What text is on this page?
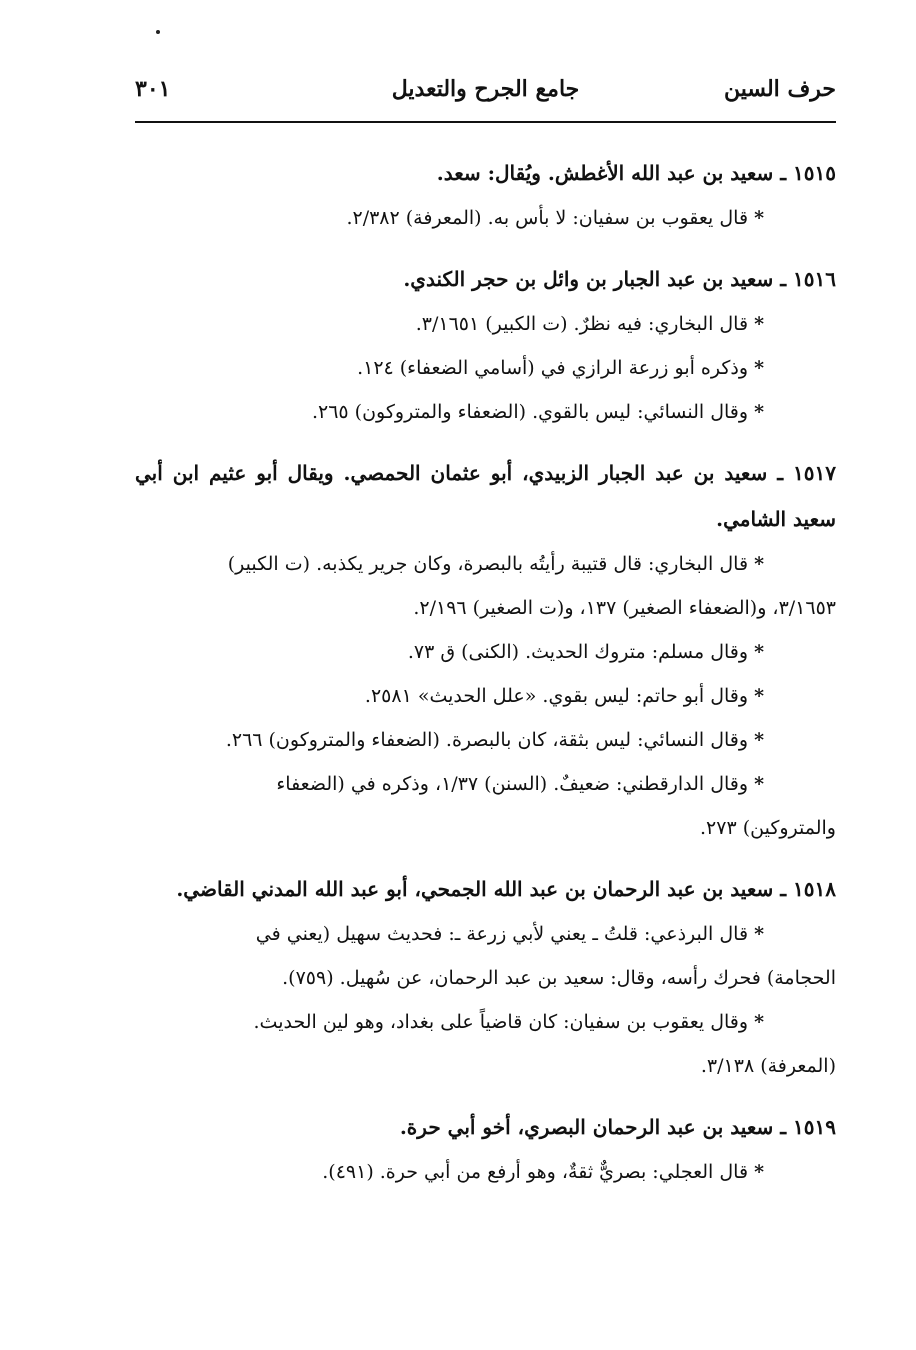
حرف السين
جامع الجرح والتعديل
٣٠١
١٥١٥ ـ سعيد بن عبد الله الأغطش. ويُقال: سعد.
*قال يعقوب بن سفيان: لا بأس به. (المعرفة) ٢/٣٨٢.
١٥١٦ ـ سعيد بن عبد الجبار بن وائل بن حجر الكندي.
*قال البخاري: فيه نظرٌ. (ت الكبير) ٣/١٦٥١.
*وذكره أبو زرعة الرازي في (أسامي الضعفاء) ١٢٤.
*وقال النسائي: ليس بالقوي. (الضعفاء والمتروكون) ٢٦٥.
١٥١٧ ـ سعيد بن عبد الجبار الزبيدي، أبو عثمان الحمصي. ويقال أبو عثيم ابن أبي سعيد الشامي.
*قال البخاري: قال قتيبة رأيتُه بالبصرة، وكان جرير يكذبه. (ت الكبير)
٣/١٦٥٣، و(الضعفاء الصغير) ١٣٧، و(ت الصغير) ٢/١٩٦.
*وقال مسلم: متروك الحديث. (الكنى) ق ٧٣.
*وقال أبو حاتم: ليس بقوي. «علل الحديث» ٢٥٨١.
*وقال النسائي: ليس بثقة، كان بالبصرة. (الضعفاء والمتروكون) ٢٦٦.
*وقال الدارقطني: ضعيفٌ. (السنن) ١/٣٧، وذكره في (الضعفاء
والمتروكين) ٢٧٣.
١٥١٨ ـ سعيد بن عبد الرحمان بن عبد الله الجمحي، أبو عبد الله المدني القاضي.
*قال البرذعي: قلتُ ـ يعني لأبي زرعة ـ: فحديث سهيل (يعني في
الحجامة) فحرك رأسه، وقال: سعيد بن عبد الرحمان، عن سُهيل. (٧٥٩).
*وقال يعقوب بن سفيان: كان قاضياً على بغداد، وهو لين الحديث.
(المعرفة) ٣/١٣٨.
١٥١٩ ـ سعيد بن عبد الرحمان البصري، أخو أبي حرة.
*قال العجلي: بصريٌّ ثقةٌ، وهو أرفع من أبي حرة. (٤٩١).
